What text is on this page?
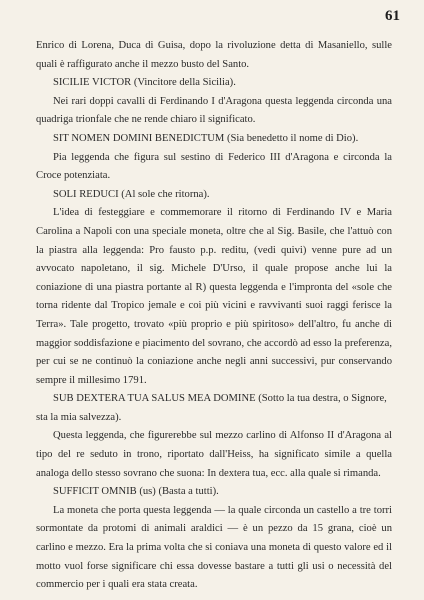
61

Enrico di Lorena, Duca di Guisa, dopo la rivoluzione detta di Masaniello, sulle quali è raffigurato anche il mezzo busto del Santo.

SICILIE VICTOR (Vincitore della Sicilia).

Nei rari doppi cavalli di Ferdinando I d'Aragona questa leggenda circonda una quadriga trionfale che ne rende chiaro il significato.

SIT NOMEN DOMINI BENEDICTUM (Sia benedetto il nome di Dio).

Pia leggenda che figura sul sestino di Federico III d'Aragona e circonda la Croce potenziata.

SOLI REDUCI (Al sole che ritorna).

L'idea di festeggiare e commemorare il ritorno di Ferdinando IV e Maria Carolina a Napoli con una speciale moneta, oltre che al Sig. Basile, che l'attuò con la piastra alla leggenda: Pro fausto p.p. reditu, (vedi quivi) venne pure ad un avvocato napoletano, il sig. Michele D'Urso, il quale propose anche lui la coniazione di una piastra portante al R) questa leggenda e l'impronta del «sole che torna ridente dal Tropico jemale e coi più vicini e ravvivanti suoi raggi ferisce la Terra». Tale progetto, trovato «più proprio e più spiritoso» dell'altro, fu anche di maggior soddisfazione e piacimento del sovrano, che accordò ad esso la preferenza, per cui se ne continuò la coniazione anche negli anni successivi, pur conservando sempre il millesimo 1791.

SUB DEXTERA TUA SALUS MEA DOMINE (Sotto la tua destra, o Signore, sta la mia salvezza).

Questa leggenda, che figurerebbe sul mezzo carlino di Alfonso II d'Aragona al tipo del re seduto in trono, riportato dall'Heiss, ha significato simile a quella analoga dello stesso sovrano che suona: In dextera tua, ecc. alla quale si rimanda.

SUFFICIT OMNIB (us) (Basta a tutti).

La moneta che porta questa leggenda — la quale circonda un castello a tre torri sormontate da protomi di animali araldici — è un pezzo da 15 grana, cioè un carlino e mezzo. Era la prima volta che si coniava una moneta di questo valore ed il motto vuol forse significare chi essa dovesse bastare a tutti gli usi o necessità del commercio per i quali era stata creata.
